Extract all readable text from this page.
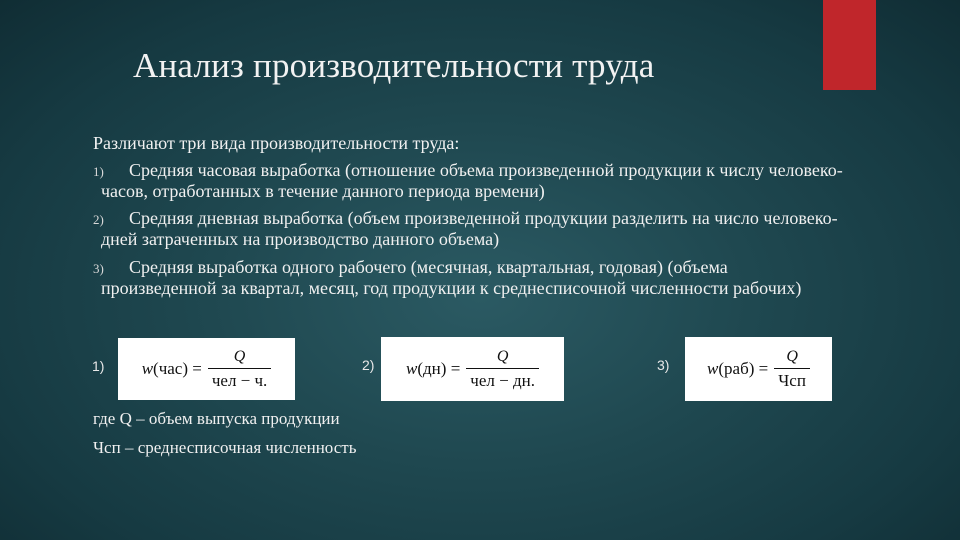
Анализ производительности труда
Различают три вида производительности труда:
1) Средняя часовая выработка (отношение объема произведенной продукции к числу человеко-
часов, отработанных в течение данного периода времени)
2) Средняя дневная выработка (объем произведенной продукции разделить на число человеко-
дней затраченных на производство данного объема)
3) Средняя выработка одного рабочего (месячная, квартальная, годовая) (объема
произведенной за квартал, месяц, год продукции к среднесписочной численности рабочих)
1) $w(час) = \frac{Q}{\text{чел − ч.}}$	2) $w(дн) = \frac{Q}{\text{чел − дн.}}$	3) $w(раб) = \frac{Q}{\text{Чсп}}$
где Q – объем выпуска продукции
Чсп – среднесписочная численность
